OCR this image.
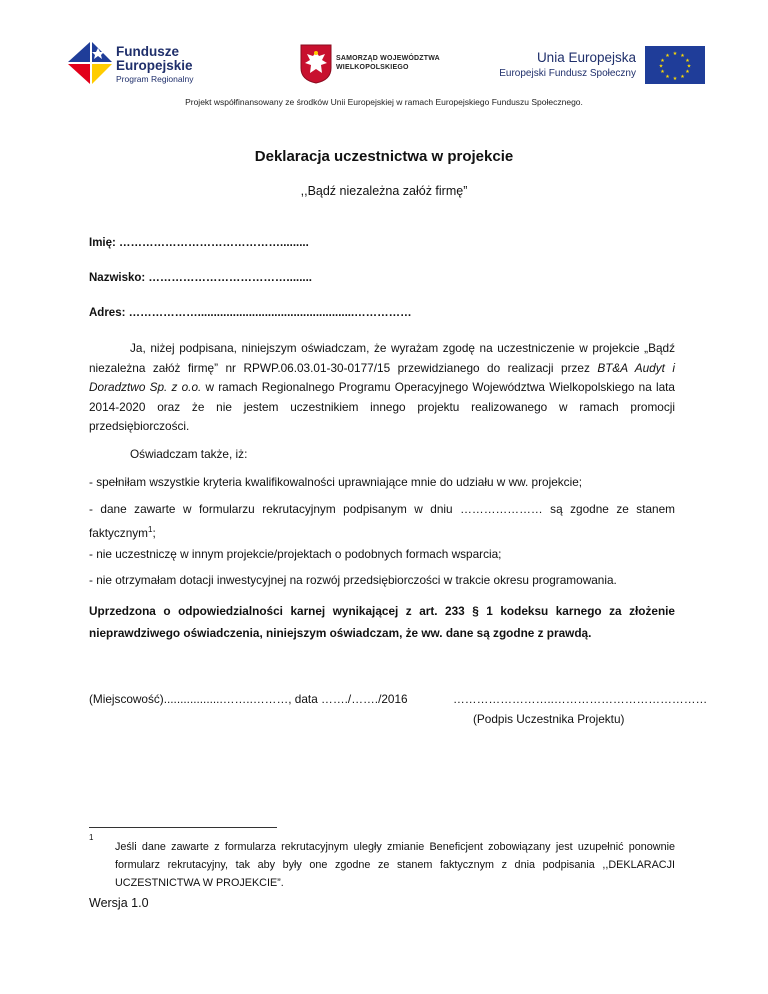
Fundusze
Europejskie
Program Regionalny
SAMORZĄD WOJEWÓDZTWA
WIELKOPOLSKIEGO
Unia Europejska
Europejski Fundusz Społeczny
★ ★
★
★
★
★
★
★
★
★
★
★
Projekt współfinansowany ze środków Unii Europejskiej w ramach Europejskiego Funduszu Społecznego.
Deklaracja uczestnictwa w projekcie
,,Bądź niezależna załóż firmę”
Imię: …………………………………….........
Nazwisko: ………………………………........
Adres: ……………….................................................……………
Ja, niżej podpisana, niniejszym oświadczam, że wyrażam zgodę na uczestniczenie w projekcie „Bądź niezależna załóż firmę” nr RPWP.06.03.01-30-0177/15 przewidzianego do realizacji przez BT&A Audyt i Doradztwo Sp. z o.o. w ramach Regionalnego Programu Operacyjnego Województwa Wielkopolskiego na lata 2014-2020 oraz że nie jestem uczestnikiem innego projektu realizowanego w ramach promocji przedsiębiorczości.
Oświadczam także, iż:
- spełniłam wszystkie kryteria kwalifikowalności uprawniające mnie do udziału w ww. projekcie;
- dane zawarte w formularzu rekrutacyjnym podpisanym w dniu ………………… są zgodne ze stanem faktycznym$^1$;
- nie uczestniczę w innym projekcie/projektach o podobnych formach wsparcia;
- nie otrzymałam dotacji inwestycyjnej na rozwój przedsiębiorczości w trakcie okresu programowania.
Uprzedzona o odpowiedzialności karnej wynikającej z art. 233 § 1 kodeksu karnego za złożenie nieprawdziwego oświadczenia, niniejszym oświadczam, że ww. dane są zgodne z prawdą.
(Miejscowość)..................……..………, data ……./……./2016	……………………..…………………………………
(Podpis Uczestnika Projektu)
1
Jeśli dane zawarte z formularza rekrutacyjnym uległy zmianie Beneficjent zobowiązany jest uzupełnić ponownie formularz rekrutacyjny, tak aby były one zgodne ze stanem faktycznym z dnia podpisania ,,DEKLARACJI UCZESTNICTWA W PROJEKCIE”.
Wersja 1.0
